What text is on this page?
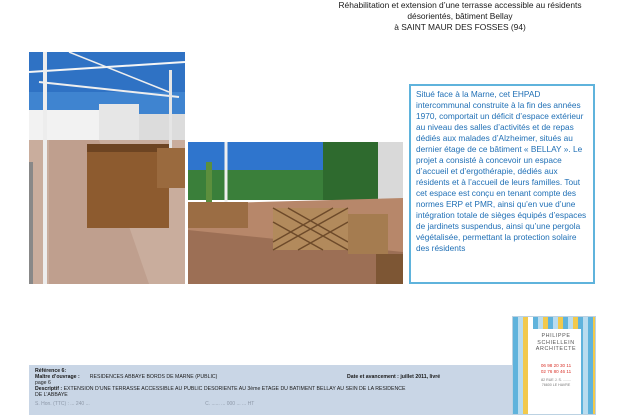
Réhabilitation et extension d’une terrasse accessible au résidents
désorientés, bâtiment Bellay
à SAINT MAUR DES FOSSES (94)

Situé face à la Marne, cet EHPAD intercommunal construite à la fin des années 1970, comportait un déficit d’espace extérieur au niveau des salles d’activités et de repas dédiés aux malades d’Alzheimer, situés au dernier étage de ce bâtiment « BELLAY ». Le projet a consisté à concevoir un espace d’accueil et d’ergothérapie, dédiés aux résidents et à l’accueil de leurs familles. Tout cet espace est conçu en tenant compte des normes ERP et PMR, ainsi qu’en vue d’une intégration totale de sièges équipés d’espaces de jardinets suspendus, ainsi qu’une pergola végétalisée, permettant la protection solaire des résidents

Référence 6:
Maître d’ouvrage : RESIDENCES ABBAYE BORDS DE MARNE (PUBLIC)
page 6
Descriptif : EXTENSION D’UNE TERRASSE ACCESSIBLE AU PUBLIC DESORIENTE AU 3ème ETAGE DU BATIMENT BELLAY AU SEIN DE LA RESIDENCE
DE L’ABBAYE
S. Hon. (TTC) : ... 240 ...	C. ...... ... 000 ... ... HT
Date et avancement : juillet 2011, livré
PHILIPPE
SCHIELLEIN
ARCHITECTE
06 98 20 30 11
02 76 80 46 11
82 RUE J. S. ........
76600 LE HAVRE
